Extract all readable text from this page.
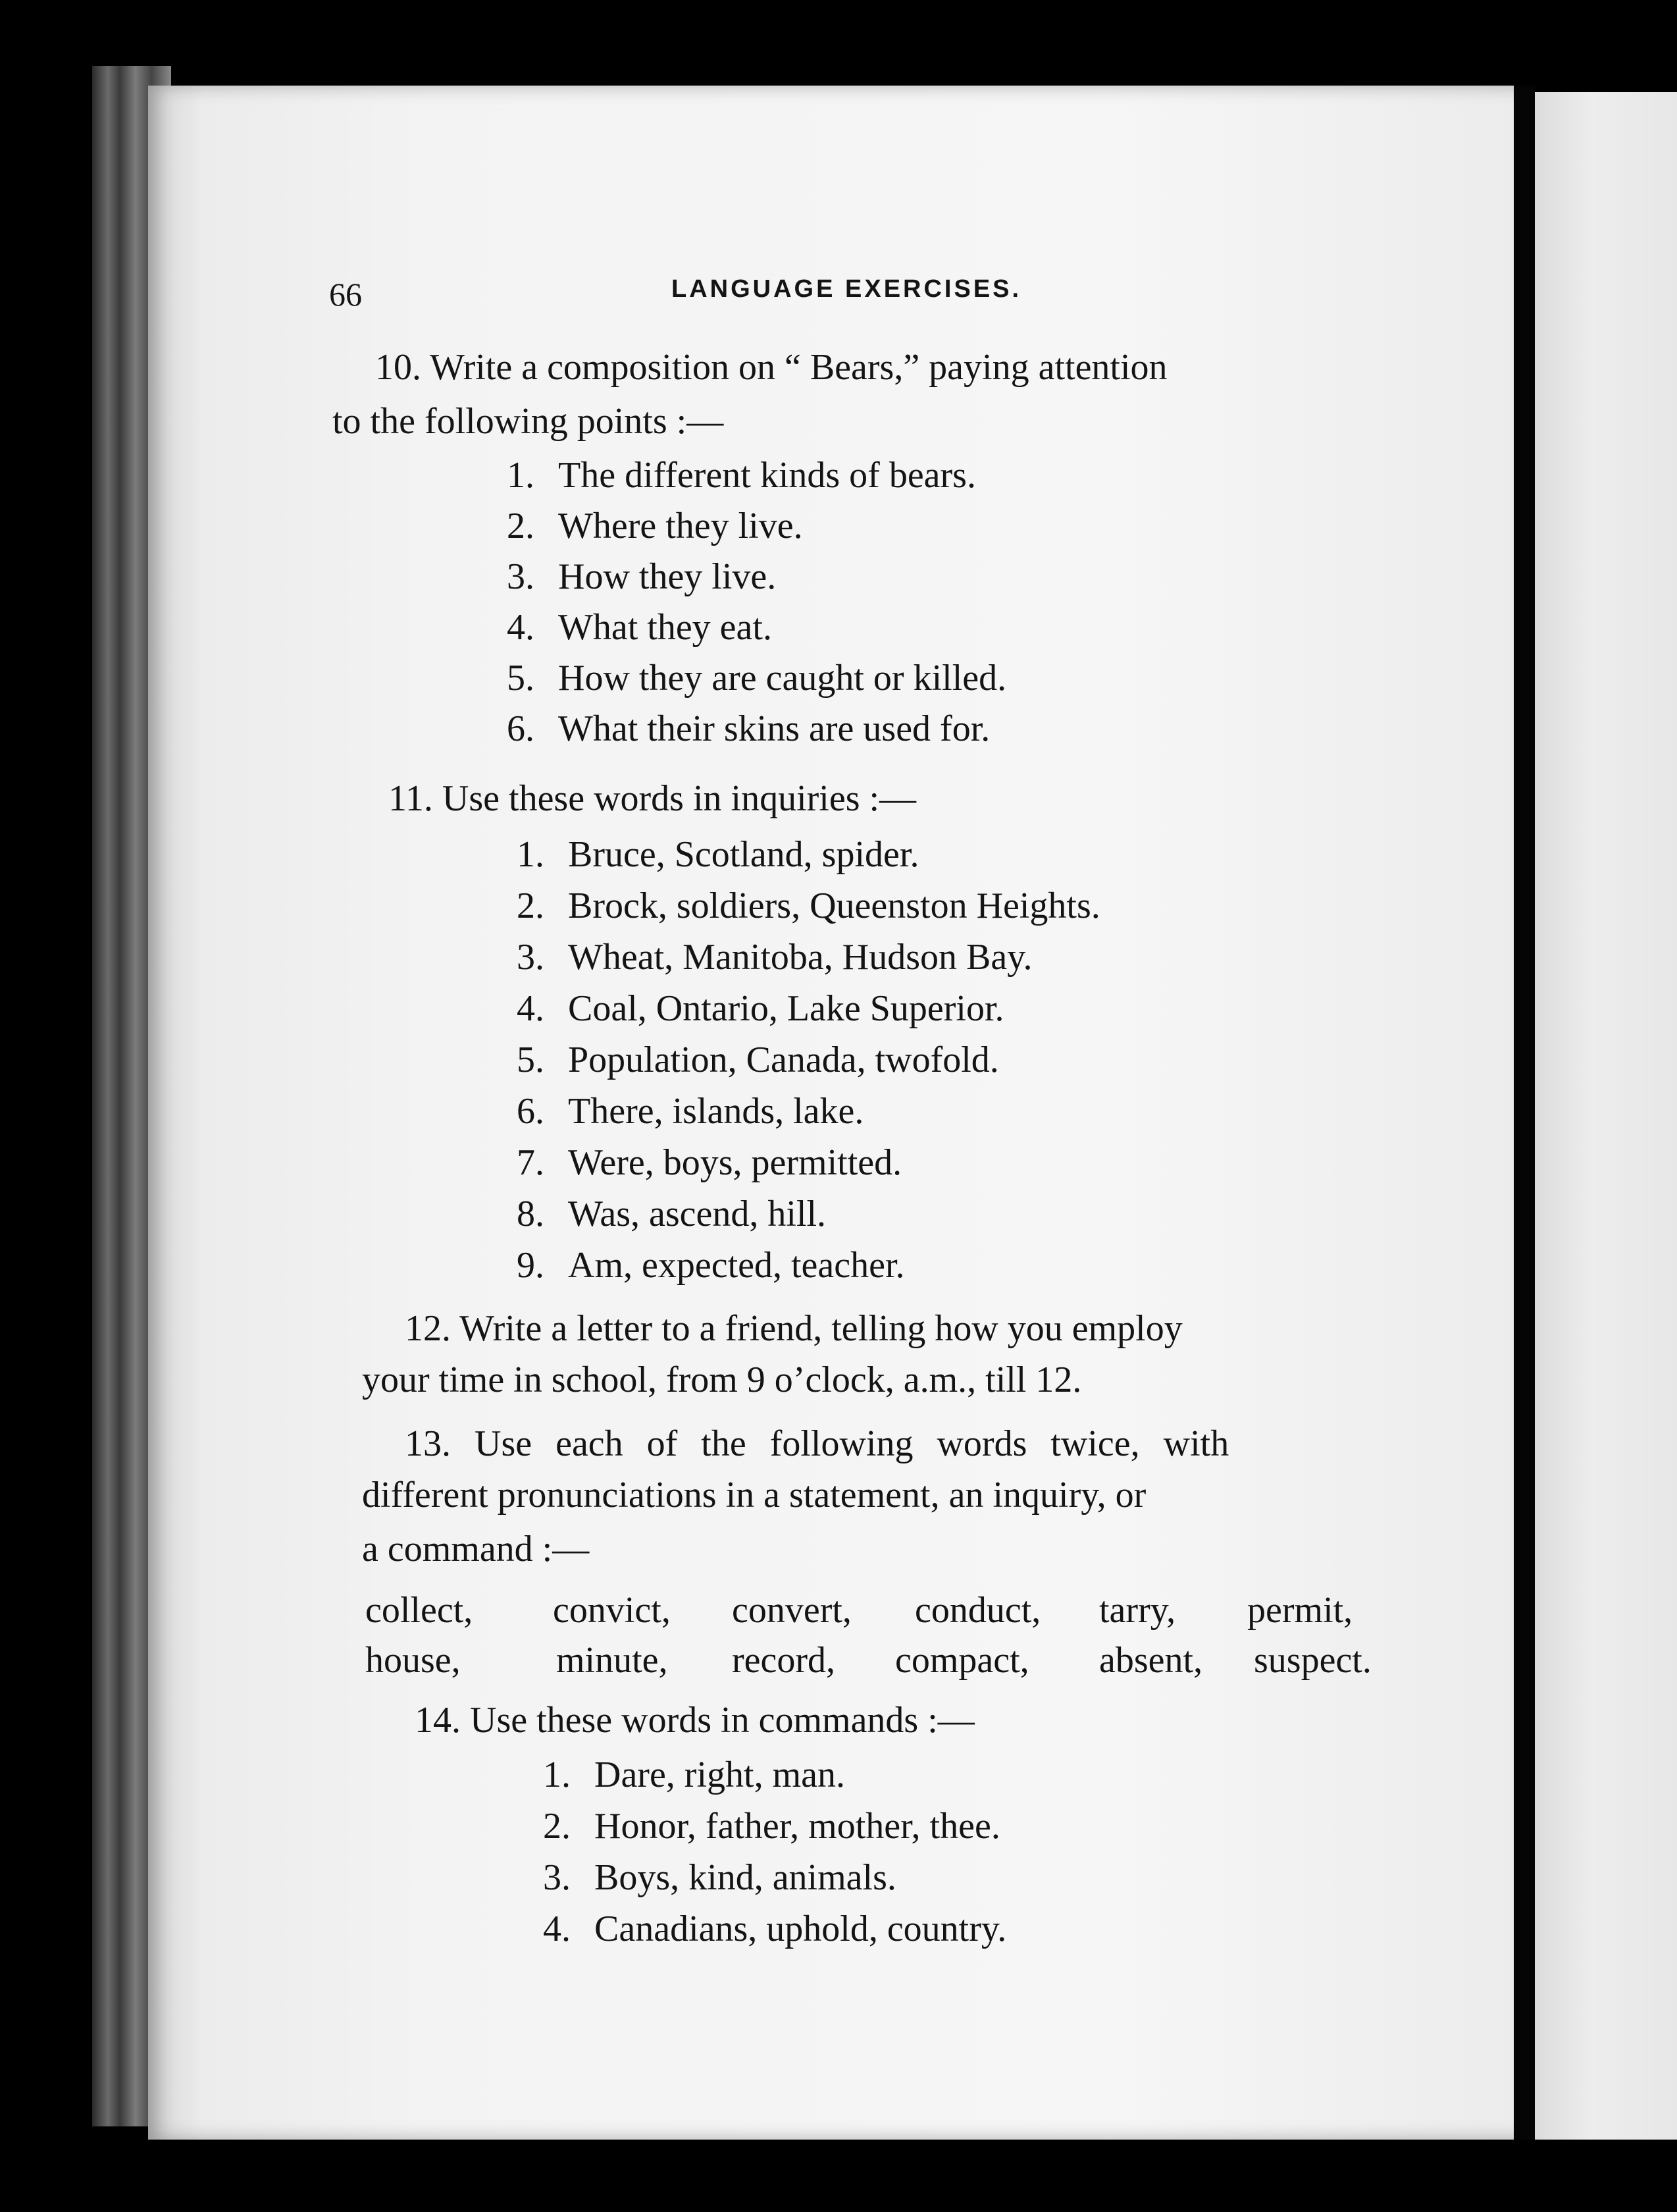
66	LANGUAGE EXERCISES.
10. Write a composition on “ Bears,” paying attention
to the following points :—
1. The different kinds of bears.
2. Where they live.
3. How they live.
4. What they eat.
5. How they are caught or killed.
6. What their skins are used for.
11. Use these words in inquiries :—
1. Bruce, Scotland, spider.
2. Brock, soldiers, Queenston Heights.
3. Wheat, Manitoba, Hudson Bay.
4. Coal, Ontario, Lake Superior.
5. Population, Canada, twofold.
6. There, islands, lake.
7. Were, boys, permitted.
8. Was, ascend, hill.
9. Am, expected, teacher.
12. Write a letter to a friend, telling how you employ
your time in school, from 9 o’clock, a.m., till 12.
13. Use each of the following words twice, with
different pronunciations in a statement, an inquiry, or
a command :—
collect, convict, convert, conduct, tarry, permit,
house,	minute, record, compact, absent, suspect.
14. Use these words in commands :—
1. Dare, right, man.
2. Honor, father, mother, thee.
3. Boys, kind, animals.
4. Canadians, uphold, country.
